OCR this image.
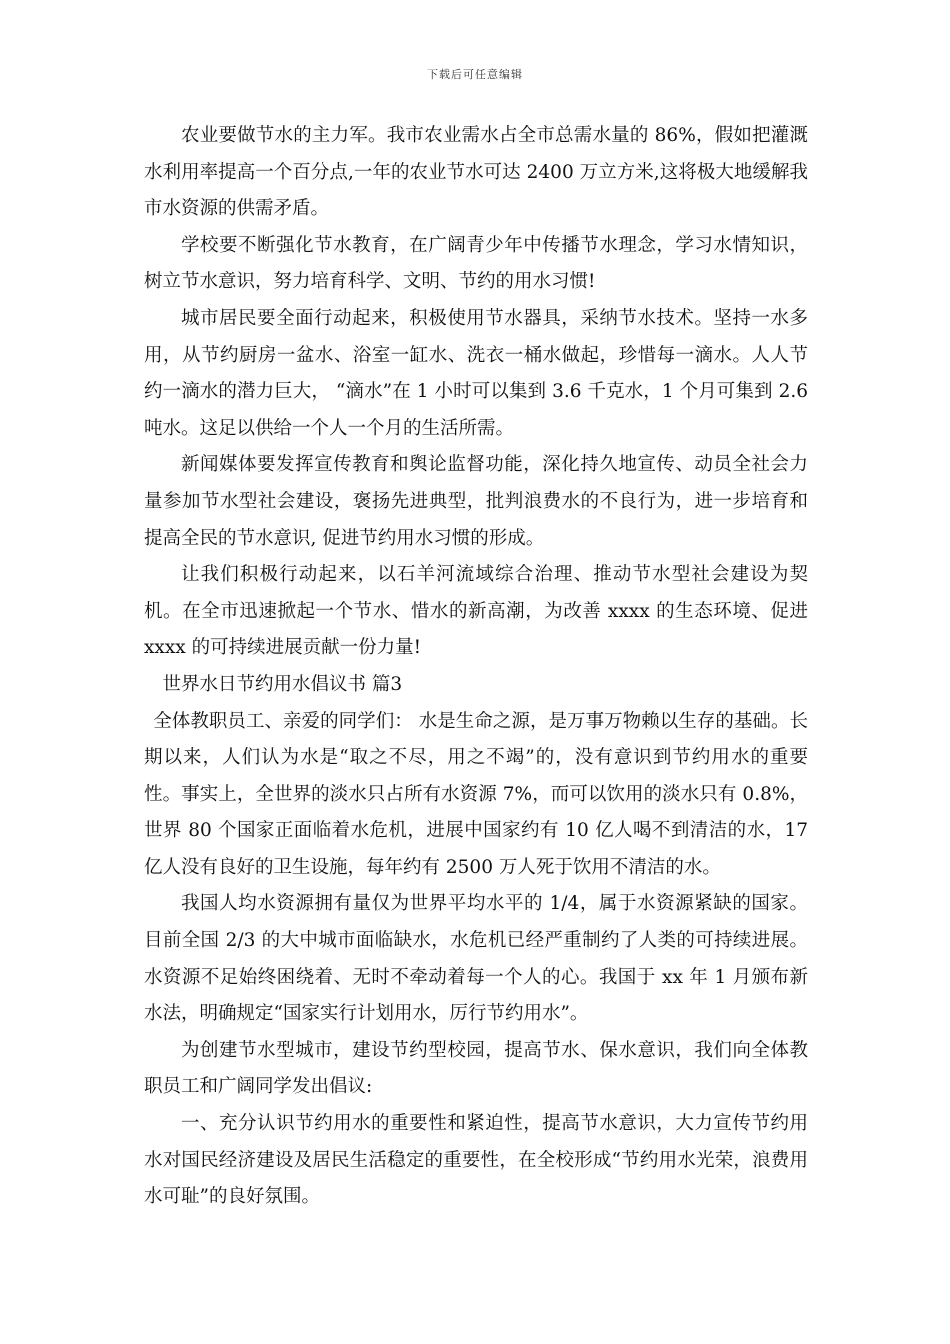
下载后可任意编辑

农业要做节水的主力军。我市农业需水占全市总需水量的 86%，假如把灌溉水利用率提高一个百分点,一年的农业节水可达 2400 万立方米,这将极大地缓解我市水资源的供需矛盾。

学校要不断强化节水教育，在广阔青少年中传播节水理念，学习水情知识，树立节水意识，努力培育科学、文明、节约的用水习惯!

城市居民要全面行动起来，积极使用节水器具，采纳节水技术。坚持一水多用，从节约厨房一盆水、浴室一缸水、洗衣一桶水做起，珍惜每一滴水。人人节约一滴水的潜力巨大， “滴水”在 1 小时可以集到 3.6 千克水，1 个月可集到 2.6 吨水。这足以供给一个人一个月的生活所需。

新闻媒体要发挥宣传教育和舆论监督功能，深化持久地宣传、动员全社会力量参加节水型社会建设，褒扬先进典型，批判浪费水的不良行为，进一步培育和提高全民的节水意识, 促进节约用水习惯的形成。

让我们积极行动起来，以石羊河流域综合治理、推动节水型社会建设为契机。在全市迅速掀起一个节水、惜水的新高潮，为改善 xxxx 的生态环境、促进 xxxx 的可持续进展贡献一份力量!

世界水日节约用水倡议书 篇3

全体教职员工、亲爱的同学们： 水是生命之源，是万事万物赖以生存的基础。长期以来，人们认为水是“取之不尽，用之不竭”的，没有意识到节约用水的重要性。事实上，全世界的淡水只占所有水资源 7%，而可以饮用的淡水只有 0.8%，世界 80 个国家正面临着水危机，进展中国家约有 10 亿人喝不到清洁的水，17 亿人没有良好的卫生设施，每年约有 2500 万人死于饮用不清洁的水。

我国人均水资源拥有量仅为世界平均水平的 1/4，属于水资源紧缺的国家。目前全国 2/3 的大中城市面临缺水，水危机已经严重制约了人类的可持续进展。水资源不足始终困绕着、无时不牵动着每一个人的心。我国于 xx 年 1 月颁布新水法，明确规定“国家实行计划用水，厉行节约用水”。

为创建节水型城市，建设节约型校园，提高节水、保水意识，我们向全体教职员工和广阔同学发出倡议:

一、充分认识节约用水的重要性和紧迫性，提高节水意识，大力宣传节约用水对国民经济建设及居民生活稳定的重要性，在全校形成“节约用水光荣，浪费用水可耻”的良好氛围。
